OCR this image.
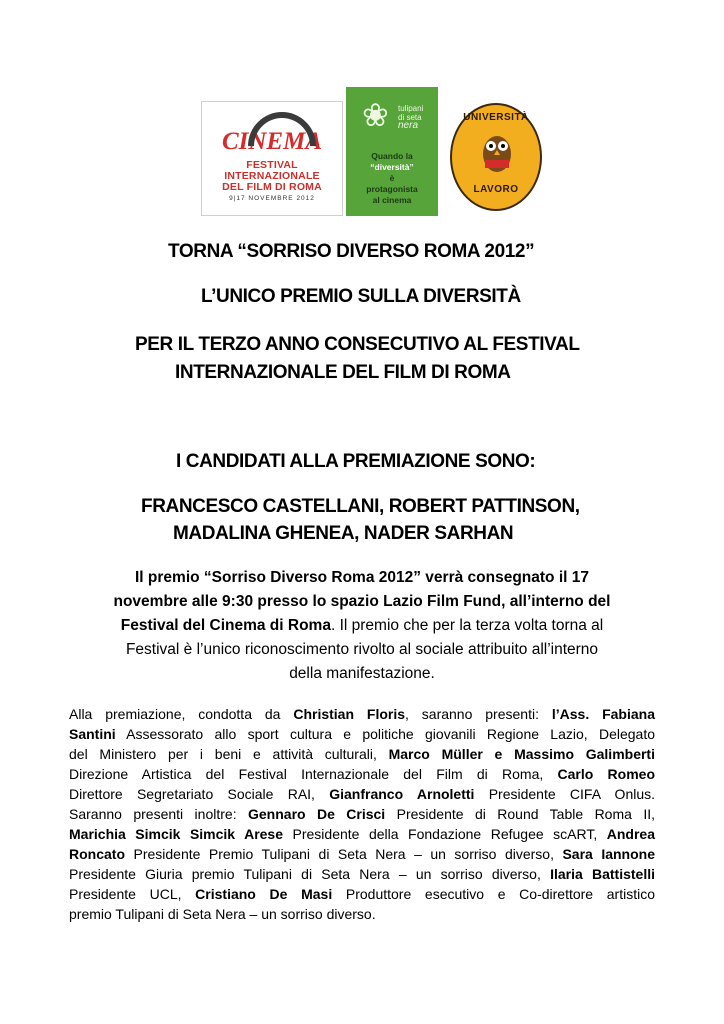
CINEMA
FESTIVAL
INTERNAZIONALE
DEL FILM DI ROMA
9|17 NOVEMBRE 2012
❀ tulipani
di seta
nera
Quando la
“diversità”
è
protagonista
al cinema
UNIVERSITÀ
LAVORO
TORNA “SORRISO DIVERSO ROMA 2012”
L’UNICO PREMIO SULLA DIVERSITÀ
PER IL TERZO ANNO CONSECUTIVO AL FESTIVAL
INTERNAZIONALE DEL FILM DI ROMA
I CANDIDATI ALLA PREMIAZIONE SONO:
FRANCESCO CASTELLANI, ROBERT PATTINSON,
MADALINA GHENEA, NADER SARHAN

Il premio “Sorriso Diverso Roma 2012” verrà consegnato il 17

novembre alle 9:30 presso lo spazio Lazio Film Fund, all’interno del

Festival del Cinema di Roma. Il premio che per la terza volta torna al

Festival è l’unico riconoscimento rivolto al sociale attribuito all’interno

della manifestazione.

Alla premiazione, condotta da Christian Floris, saranno presenti: l’Ass. Fabiana

Santini Assessorato allo sport cultura e politiche giovanili Regione Lazio, Delegato

del Ministero per i beni e attività culturali, Marco Müller e Massimo Galimberti

Direzione Artistica del Festival Internazionale del Film di Roma, Carlo Romeo

Direttore Segretariato Sociale RAI, Gianfranco Arnoletti Presidente CIFA Onlus.

Saranno presenti inoltre: Gennaro De Crisci Presidente di Round Table Roma II,

Marichia Simcik Simcik Arese Presidente della Fondazione Refugee scART, Andrea

Roncato Presidente Premio Tulipani di Seta Nera – un sorriso diverso, Sara Iannone

Presidente Giuria premio Tulipani di Seta Nera – un sorriso diverso, Ilaria Battistelli

Presidente UCL, Cristiano De Masi Produttore esecutivo e Co-direttore artistico

premio Tulipani di Seta Nera – un sorriso diverso.
